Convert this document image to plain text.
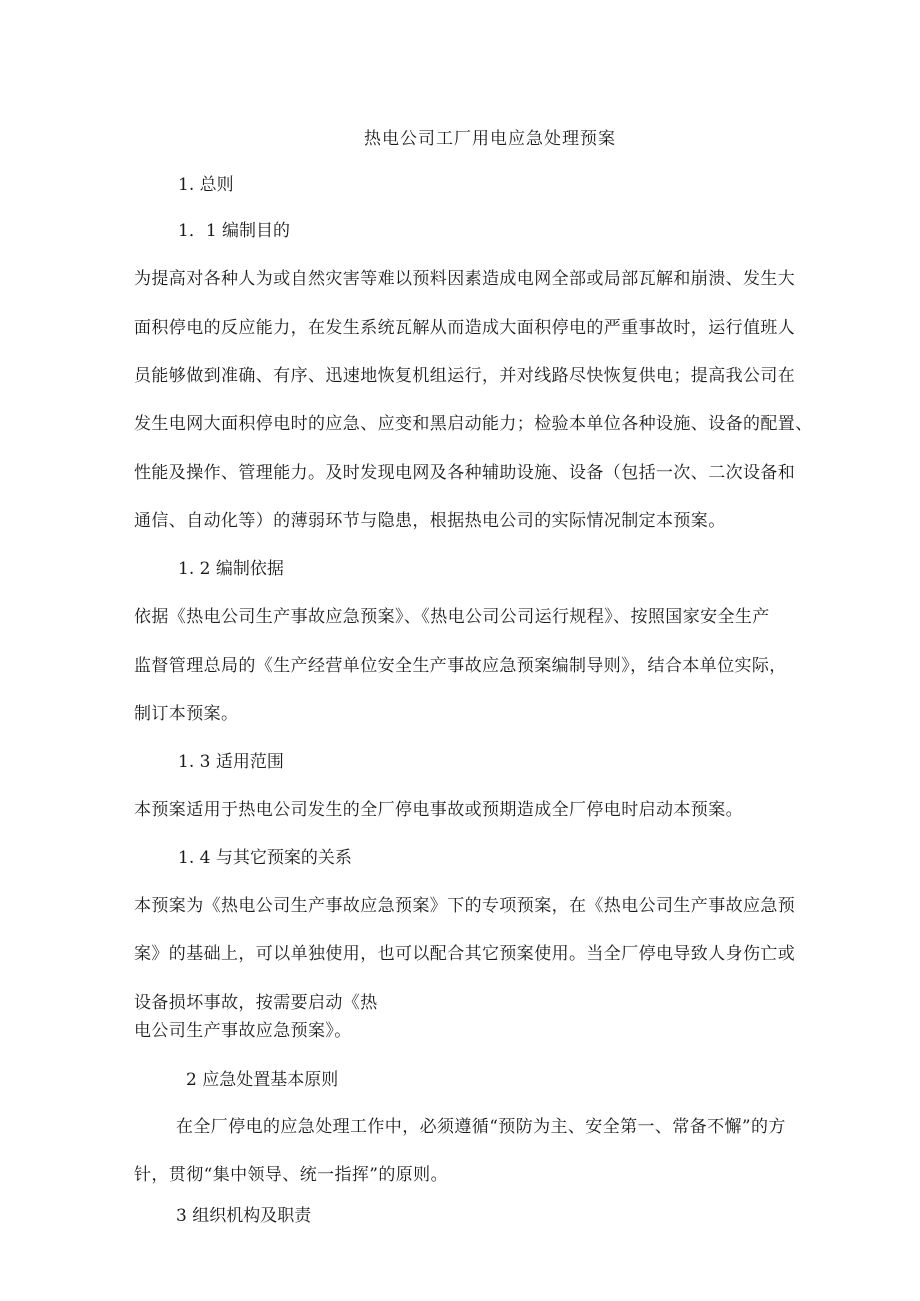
热电公司工厂用电应急处理预案
1. 总则
1．1 编制目的
为提高对各种人为或自然灾害等难以预料因素造成电网全部或局部瓦解和崩溃、发生大
面积停电的反应能力，在发生系统瓦解从而造成大面积停电的严重事故时，运行值班人
员能够做到准确、有序、迅速地恢复机组运行，并对线路尽快恢复供电；提高我公司在
发生电网大面积停电时的应急、应变和黑启动能力；检验本单位各种设施、设备的配置、
性能及操作、管理能力。及时发现电网及各种辅助设施、设备（包括一次、二次设备和
通信、自动化等）的薄弱环节与隐患，根据热电公司的实际情况制定本预案。
1. 2 编制依据
依据《热电公司生产事故应急预案》、《热电公司公司运行规程》、按照国家安全生产
监督管理总局的《生产经营单位安全生产事故应急预案编制导则》，结合本单位实际，
制订本预案。
1. 3 适用范围
本预案适用于热电公司发生的全厂停电事故或预期造成全厂停电时启动本预案。
1. 4 与其它预案的关系
本预案为《热电公司生产事故应急预案》下的专项预案，在《热电公司生产事故应急预
案》的基础上，可以单独使用，也可以配合其它预案使用。当全厂停电导致人身伤亡或
设备损坏事故，按需要启动《热
电公司生产事故应急预案》。
2 应急处置基本原则
在全厂停电的应急处理工作中，必须遵循“预防为主、安全第一、常备不懈”的方
针，贯彻“集中领导、统一指挥”的原则。
3 组织机构及职责
